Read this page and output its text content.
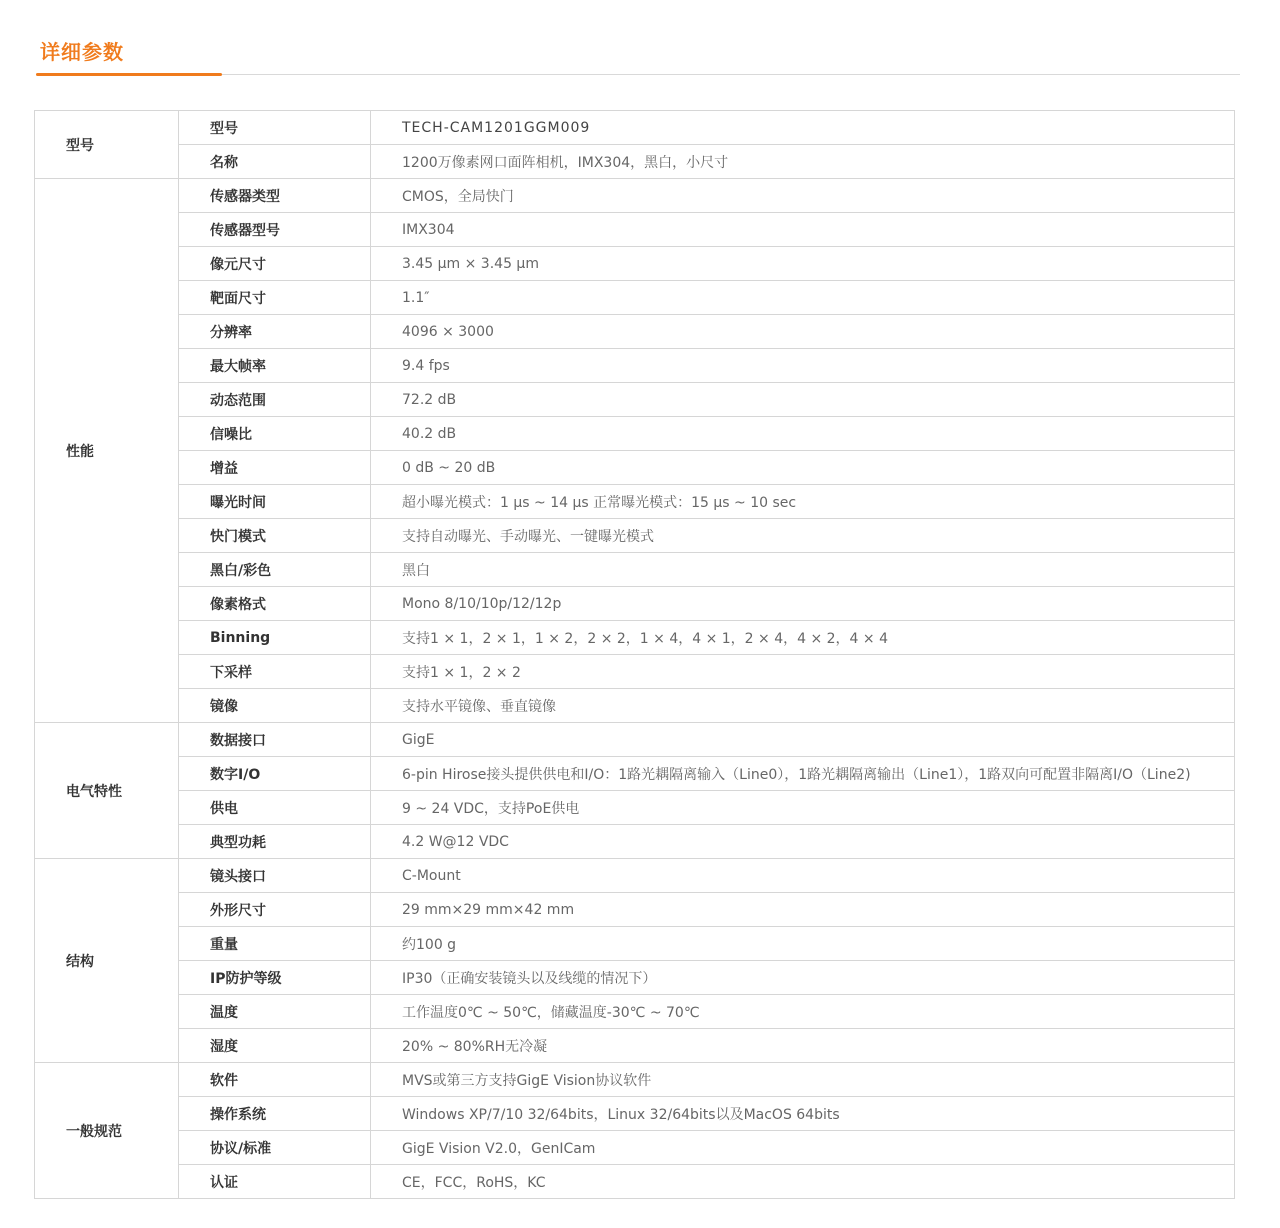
详细参数
型号	型号	TECH-CAM1201GGM009
	名称	1200万像素网口面阵相机，IMX304，黑白，小尺寸
性能	传感器类型	CMOS，全局快门
	传感器型号	IMX304
	像元尺寸	3.45 μm × 3.45 μm
	靶面尺寸	1.1″
	分辨率	4096 × 3000
	最大帧率	9.4 fps
	动态范围	72.2 dB
	信噪比	40.2 dB
	增益	0 dB ~ 20 dB
	曝光时间	超小曝光模式：1 μs ~ 14 μs 正常曝光模式：15 μs ~ 10 sec
	快门模式	支持自动曝光、手动曝光、一键曝光模式
	黑白/彩色	黑白
	像素格式	Mono 8/10/10p/12/12p
	Binning	支持1 × 1，2 × 1，1 × 2，2 × 2，1 × 4，4 × 1，2 × 4，4 × 2，4 × 4
	下采样	支持1 × 1，2 × 2
	镜像	支持水平镜像、垂直镜像
电气特性	数据接口	GigE
	数字I/O	6-pin Hirose接头提供供电和I/O：1路光耦隔离输入（Line0），1路光耦隔离输出（Line1），1路双向可配置非隔离I/O（Line2)
	供电	9 ~ 24 VDC，支持PoE供电
	典型功耗	4.2 W@12 VDC
结构	镜头接口	C-Mount
	外形尺寸	29 mm×29 mm×42 mm
	重量	约100 g
	IP防护等级	IP30（正确安装镜头以及线缆的情况下）
	温度	工作温度0℃ ~ 50℃，储藏温度-30℃ ~ 70℃
	湿度	20% ~ 80%RH无冷凝
一般规范	软件	MVS或第三方支持GigE Vision协议软件
	操作系统	Windows XP/7/10 32/64bits，Linux 32/64bits以及MacOS 64bits
	协议/标准	GigE Vision V2.0，GenICam
	认证	CE，FCC，RoHS，KC
